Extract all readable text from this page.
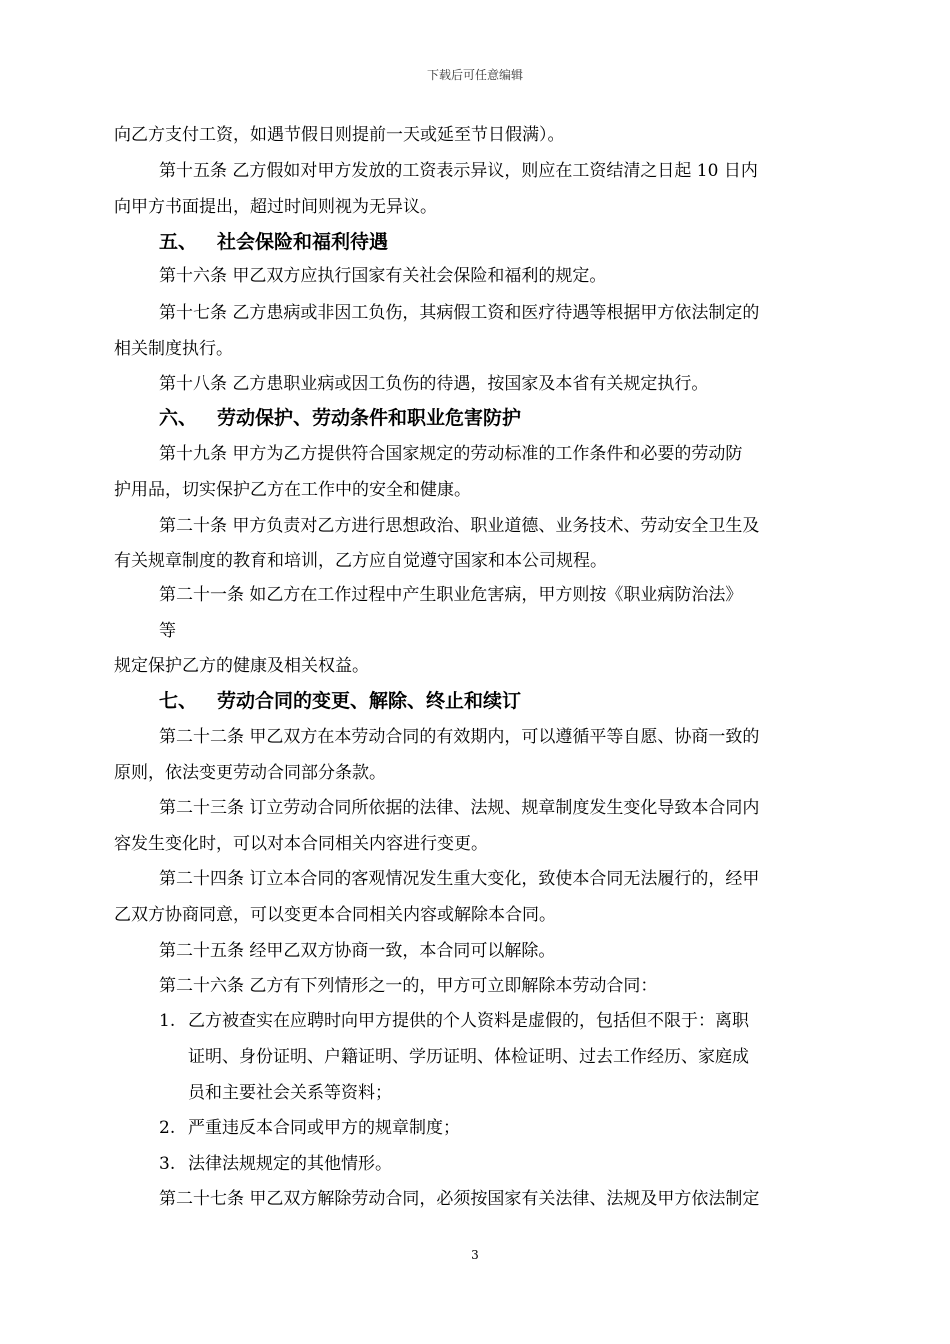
下载后可任意编辑
向乙方支付工资，如遇节假日则提前一天或延至节日假满）。
第十五条 乙方假如对甲方发放的工资表示异议，则应在工资结清之日起 10 日内
向甲方书面提出，超过时间则视为无异议。
五、 社会保险和福利待遇
第十六条 甲乙双方应执行国家有关社会保险和福利的规定。
第十七条 乙方患病或非因工负伤，其病假工资和医疗待遇等根据甲方依法制定的
相关制度执行。
第十八条 乙方患职业病或因工负伤的待遇，按国家及本省有关规定执行。
六、 劳动保护、劳动条件和职业危害防护
第十九条 甲方为乙方提供符合国家规定的劳动标准的工作条件和必要的劳动防
护用品，切实保护乙方在工作中的安全和健康。
第二十条 甲方负责对乙方进行思想政治、职业道德、业务技术、劳动安全卫生及
有关规章制度的教育和培训，乙方应自觉遵守国家和本公司规程。
第二十一条 如乙方在工作过程中产生职业危害病，甲方则按《职业病防治法》
等
规定保护乙方的健康及相关权益。
七、 劳动合同的变更、解除、终止和续订
第二十二条 甲乙双方在本劳动合同的有效期内，可以遵循平等自愿、协商一致的
原则，依法变更劳动合同部分条款。
第二十三条 订立劳动合同所依据的法律、法规、规章制度发生变化导致本合同内
容发生变化时，可以对本合同相关内容进行变更。
第二十四条 订立本合同的客观情况发生重大变化，致使本合同无法履行的，经甲
乙双方协商同意，可以变更本合同相关内容或解除本合同。
第二十五条 经甲乙双方协商一致，本合同可以解除。
第二十六条 乙方有下列情形之一的，甲方可立即解除本劳动合同：
1. 乙方被查实在应聘时向甲方提供的个人资料是虚假的，包括但不限于：离职
证明、身份证明、户籍证明、学历证明、体检证明、过去工作经历、家庭成
员和主要社会关系等资料；
2. 严重违反本合同或甲方的规章制度；
3. 法律法规规定的其他情形。
第二十七条 甲乙双方解除劳动合同，必须按国家有关法律、法规及甲方依法制定
3
